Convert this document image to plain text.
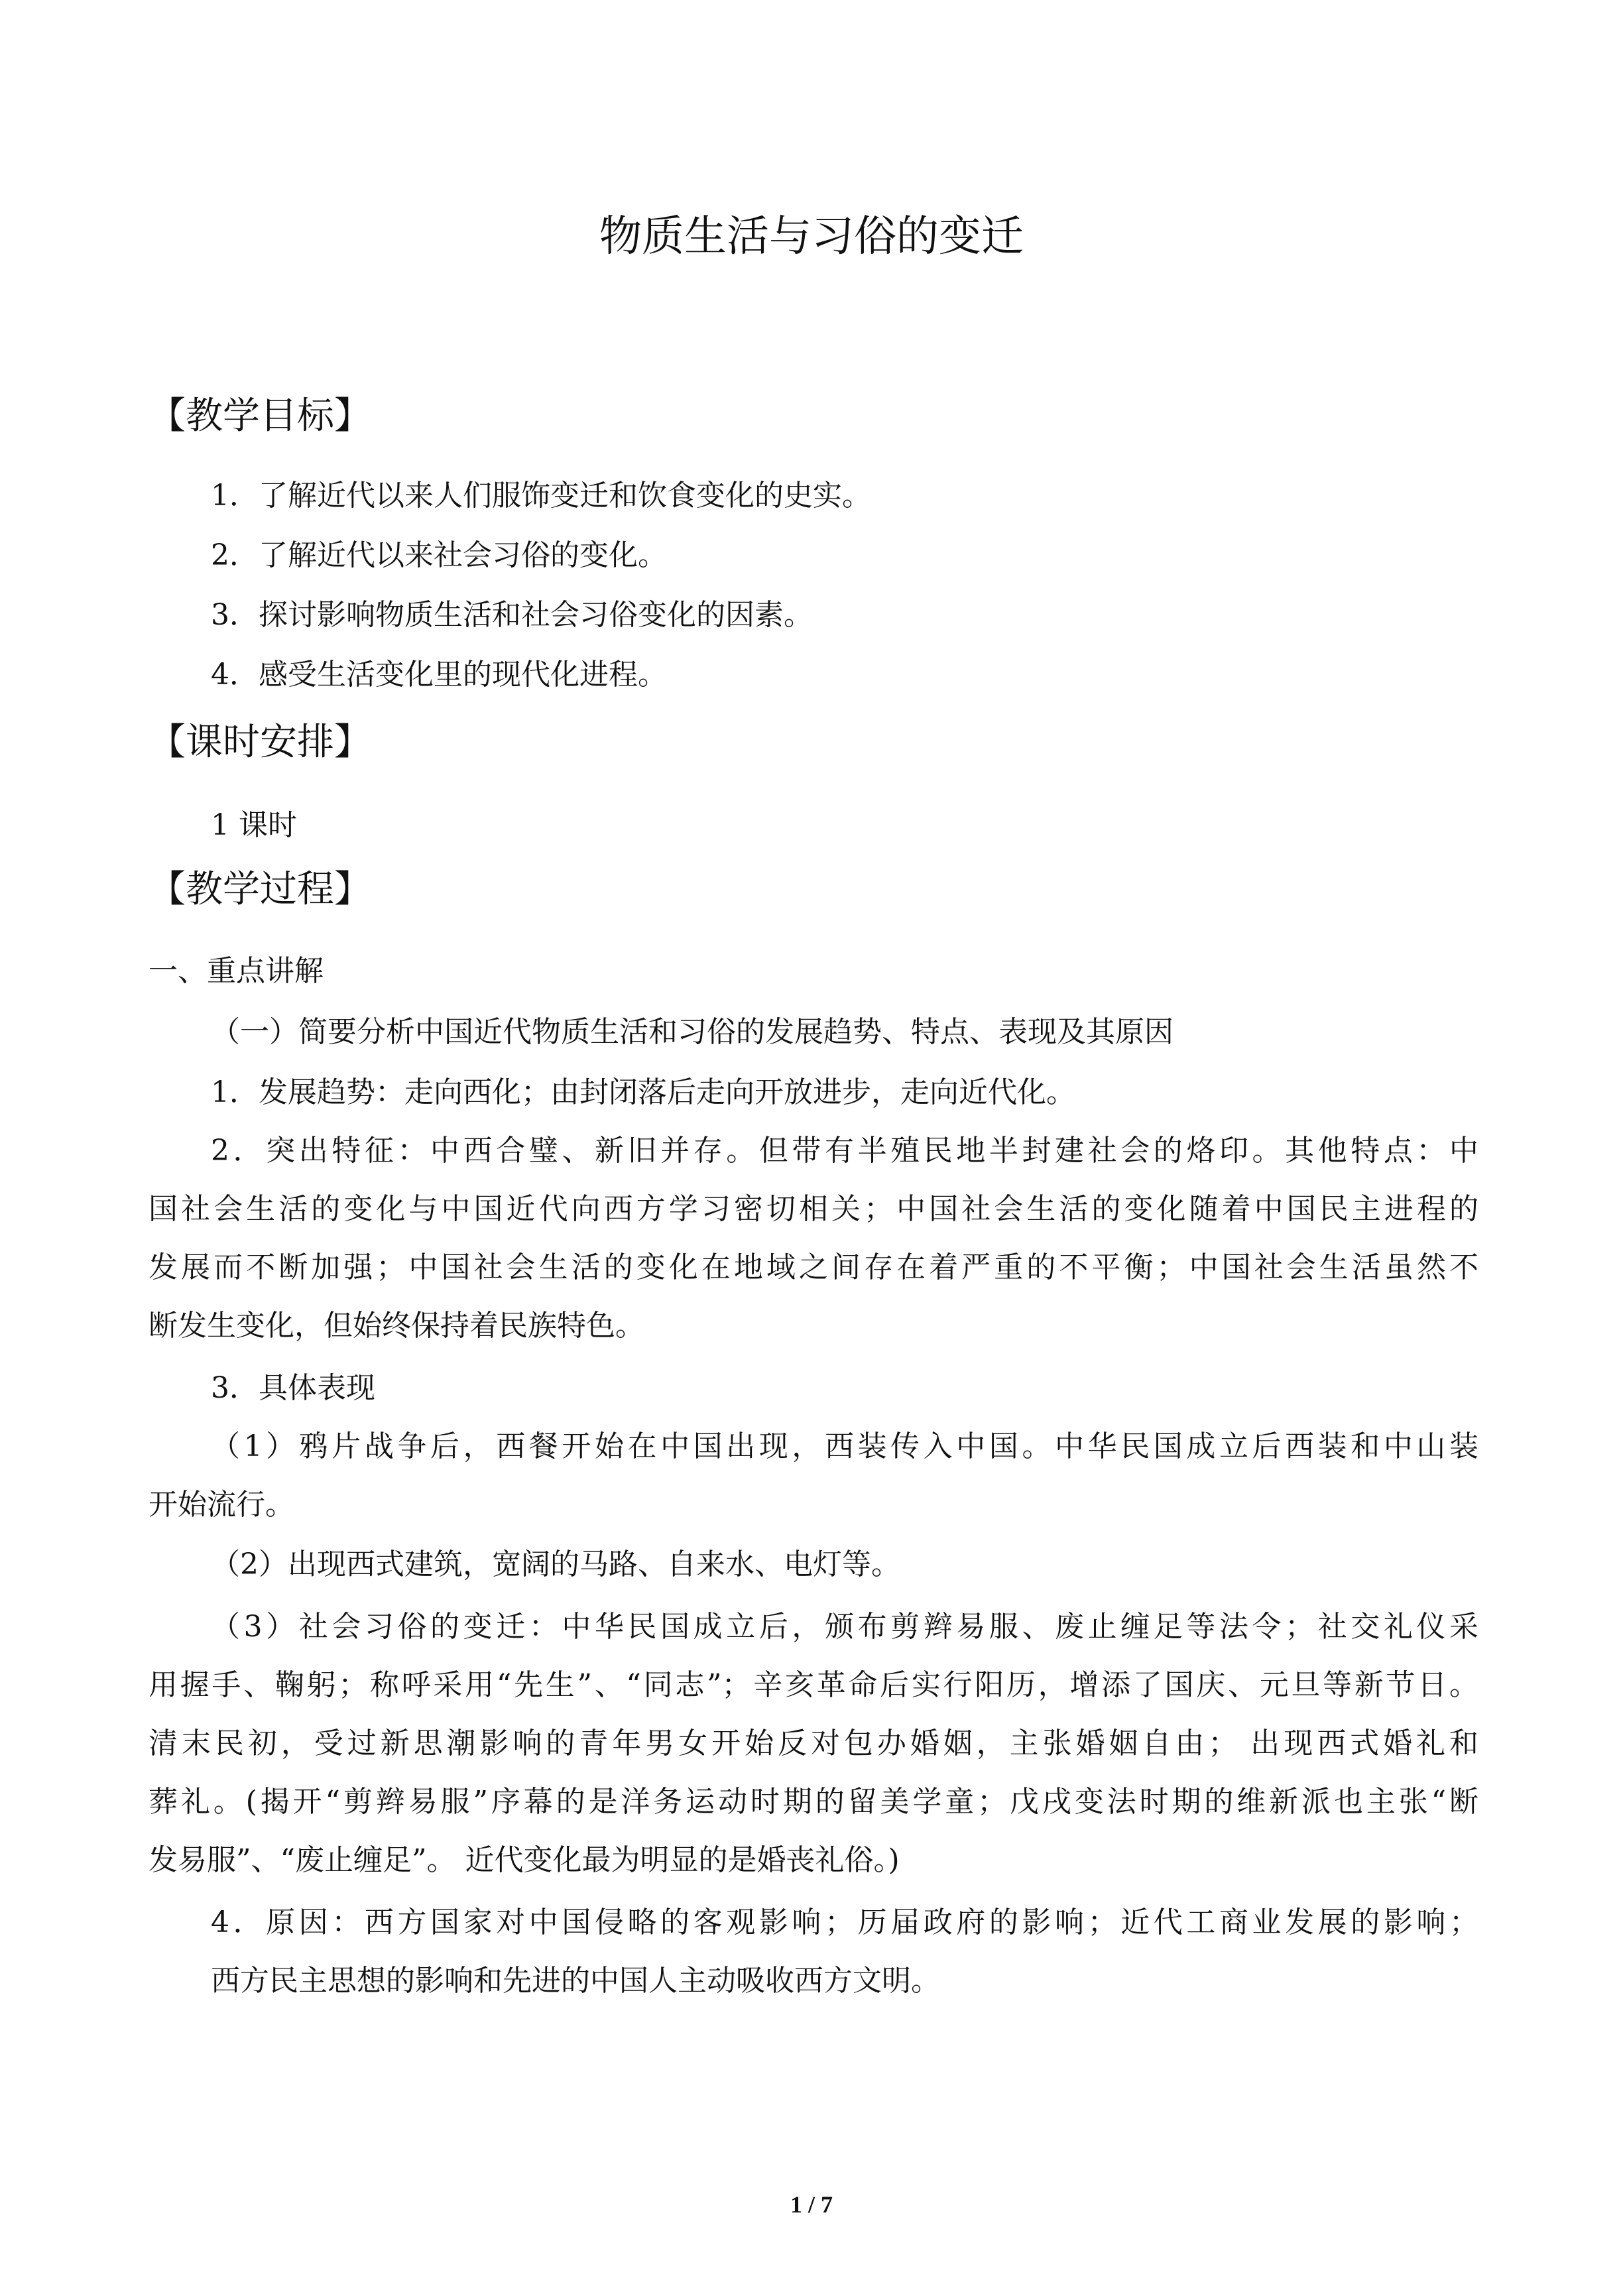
物质生活与习俗的变迁
【教学目标】
1．了解近代以来人们服饰变迁和饮食变化的史实。
2．了解近代以来社会习俗的变化。
3．探讨影响物质生活和社会习俗变化的因素。
4．感受生活变化里的现代化进程。
【课时安排】
1 课时
【教学过程】
一、重点讲解
（一）简要分析中国近代物质生活和习俗的发展趋势、特点、表现及其原因
1．发展趋势：走向西化；由封闭落后走向开放进步，走向近代化。
2．突出特征：中西合璧、新旧并存。但带有半殖民地半封建社会的烙印。其他特点：中
国社会生活的变化与中国近代向西方学习密切相关；中国社会生活的变化随着中国民主进程的
发展而不断加强；中国社会生活的变化在地域之间存在着严重的不平衡；中国社会生活虽然不
断发生变化，但始终保持着民族特色。
3．具体表现
（1）鸦片战争后，西餐开始在中国出现，西装传入中国。中华民国成立后西装和中山装
开始流行。
（2）出现西式建筑，宽阔的马路、自来水、电灯等。
（3）社会习俗的变迁：中华民国成立后，颁布剪辫易服、废止缠足等法令；社交礼仪采
用握手、鞠躬；称呼采用“先生”、“同志”；辛亥革命后实行阳历，增添了国庆、元旦等新节日。
清末民初，受过新思潮影响的青年男女开始反对包办婚姻，主张婚姻自由； 出现西式婚礼和
葬礼。(揭开“剪辫易服”序幕的是洋务运动时期的留美学童；戊戌变法时期的维新派也主张“断
发易服”、“废止缠足”。 近代变化最为明显的是婚丧礼俗。)
4．原因：西方国家对中国侵略的客观影响；历届政府的影响；近代工商业发展的影响；
西方民主思想的影响和先进的中国人主动吸收西方文明。
1 / 7
